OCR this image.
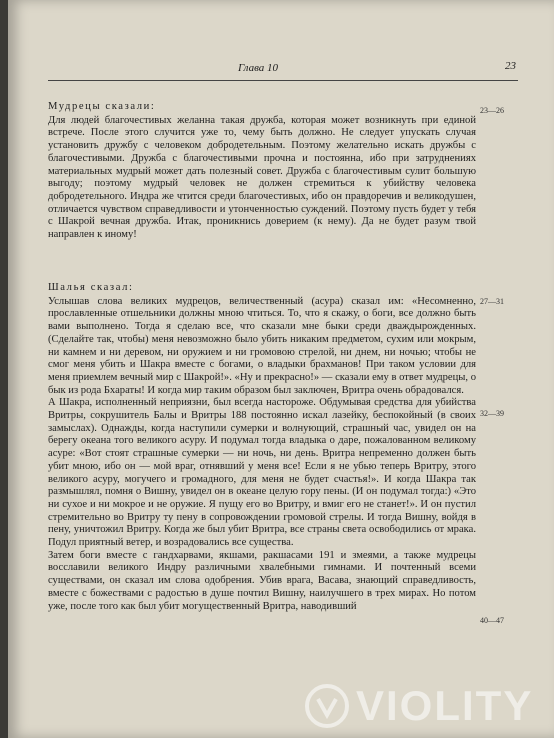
Глава 10	23

Мудрецы сказали:

Для людей благочестивых желанна такая дружба, которая может возникнуть при единой встрече. После этого случится уже то, чему быть должно. Не следует упускать случая установить дружбу с человеком добродетельным. Поэтому желательно искать дружбы с благочестивыми. Дружба с благочестивыми прочна и постоянна, ибо при затруднениях материальных мудрый может дать полезный совет. Дружба с благочестивым сулит большую выгоду; поэтому мудрый человек не должен стремиться к убийству человека добродетельного. Индра же чтится среди благочестивых, ибо он правдоречив и великодушен, отличается чувством справедливости и утонченностью суждений. Поэтому пусть будет у тебя с Шакрой вечная дружба. Итак, проникнись доверием (к нему). Да не будет разум твой направлен к иному!

23—26

Шалья сказал:

Услышав слова великих мудрецов, величественный (асура) сказал им: «Несомненно, прославленные отшельники должны мною чтиться. То, что я скажу, о боги, все должно быть вами выполнено. Тогда я сделаю все, что сказали мне быки среди дваждырожденных. (Сделайте так, чтобы) меня невозможно было убить никаким предметом, сухим или мокрым, ни камнем и ни деревом, ни оружием и ни громовою стрелой, ни днем, ни ночью; чтобы не смог меня убить и Шакра вместе с богами, о владыки брахманов! При таком условии для меня приемлем вечный мир с Шакрой!». «Ну и прекрасно!» — сказали ему в ответ мудрецы, о бык из рода Бхараты! И когда мир таким образом был заключен, Вритра очень обрадовался.

А Шакра, исполненный неприязни, был всегда настороже. Обдумывая средства для убийства Вритры, сокрушитель Балы и Вритры 188 постоянно искал лазейку, беспокойный (в своих замыслах). Однажды, когда наступили сумерки и волнующий, страшный час, увидел он на берегу океана того великого асуру. И подумал тогда владыка о даре, пожалованном великому асуре: «Вот стоят страшные сумерки — ни ночь, ни день. Вритра непременно должен быть убит мною, ибо он — мой враг, отнявший у меня все! Если я не убью теперь Вритру, этого великого асуру, могучего и громадного, для меня не будет счастья!». И когда Шакра так размышлял, помня о Вишну, увидел он в океане целую гору пены. (И он подумал тогда:) «Это ни сухое и ни мокрое и не оружие. Я пущу его во Вритру, и вмиг его не станет!». И он пустил стремительно во Вритру ту пену в сопровождении громовой стрелы. И тогда Вишну, войдя в пену, уничтожил Вритру. Когда же был убит Вритра, все страны света освободились от мрака. Подул приятный ветер, и возрадовались все существа.

Затем боги вместе с гандхарвами, якшами, ракшасами 191 и змеями, а также мудрецы восславили великого Индру различными хвалебными гимнами. И почтенный всеми существами, он сказал им слова одобрения. Убив врага, Васава, знающий справедливость, вместе с божествами с радостью в душе почтил Вишну, наилучшего в трех мирах. Но потом уже, после того как был убит могущественный Вритра, наводивший

27—31
32—39
40—47
VIOLITY
